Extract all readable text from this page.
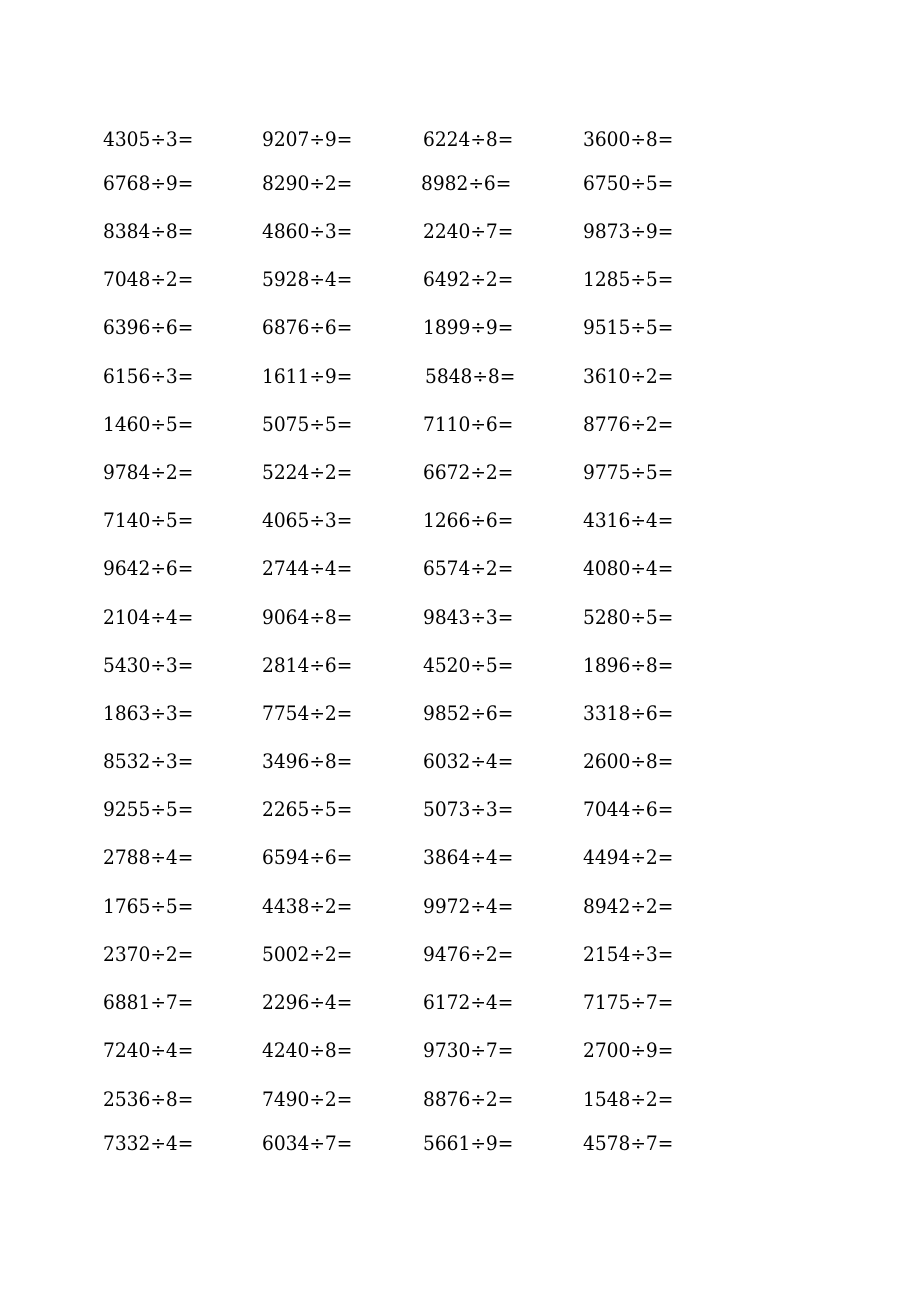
4305÷3=	9207÷9=	6224÷8=	3600÷8=
6768÷9=	8290÷2=	8982÷6=	6750÷5=
8384÷8=	4860÷3=	2240÷7=	9873÷9=
7048÷2=	5928÷4=	6492÷2=	1285÷5=
6396÷6=	6876÷6=	1899÷9=	9515÷5=
6156÷3=	1611÷9=	5848÷8=	3610÷2=
1460÷5=	5075÷5=	7110÷6=	8776÷2=
9784÷2=	5224÷2=	6672÷2=	9775÷5=
7140÷5=	4065÷3=	1266÷6=	4316÷4=
9642÷6=	2744÷4=	6574÷2=	4080÷4=
2104÷4=	9064÷8=	9843÷3=	5280÷5=
5430÷3=	2814÷6=	4520÷5=	1896÷8=
1863÷3=	7754÷2=	9852÷6=	3318÷6=
8532÷3=	3496÷8=	6032÷4=	2600÷8=
9255÷5=	2265÷5=	5073÷3=	7044÷6=
2788÷4=	6594÷6=	3864÷4=	4494÷2=
1765÷5=	4438÷2=	9972÷4=	8942÷2=
2370÷2=	5002÷2=	9476÷2=	2154÷3=
6881÷7=	2296÷4=	6172÷4=	7175÷7=
7240÷4=	4240÷8=	9730÷7=	2700÷9=
2536÷8=	7490÷2=	8876÷2=	1548÷2=
7332÷4=	6034÷7=	5661÷9=	4578÷7=
